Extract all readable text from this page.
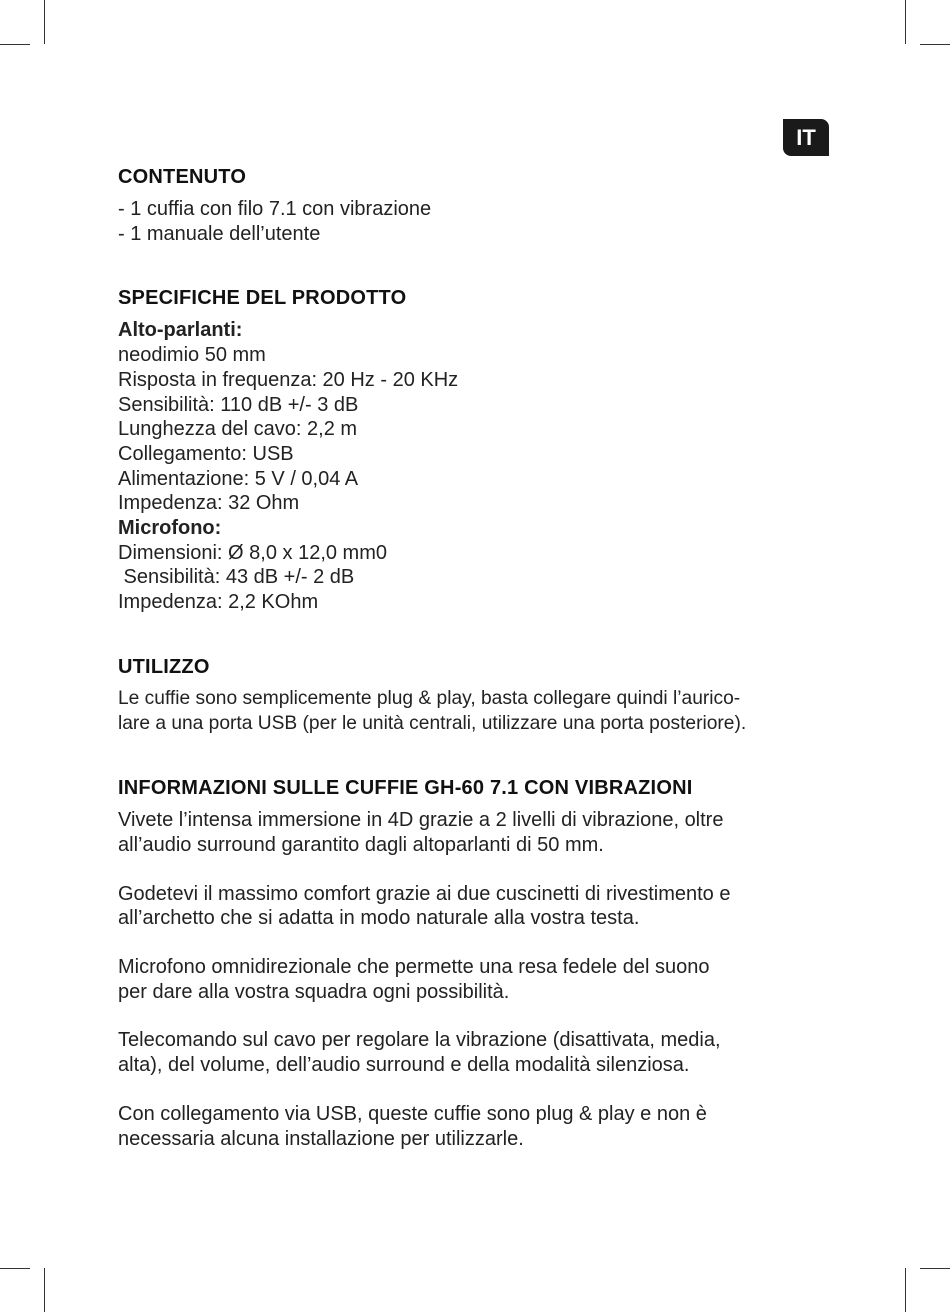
IT
CONTENUTO
- 1 cuffia con filo 7.1 con vibrazione
- 1 manuale dell’utente
SPECIFICHE DEL PRODOTTO
Alto-parlanti:
neodimio 50 mm
Risposta in frequenza: 20 Hz - 20 KHz
Sensibilità: 110 dB +/- 3 dB
Lunghezza del cavo: 2,2 m
Collegamento: USB
Alimentazione: 5 V / 0,04 A
Impedenza: 32 Ohm
Microfono:
Dimensioni: Ø 8,0 x 12,0 mm0
Sensibilità: 43 dB +/- 2 dB
Impedenza: 2,2 KOhm
UTILIZZO
Le cuffie sono semplicemente plug & play, basta collegare quindi l’aurico-
lare a una porta USB (per le unità centrali, utilizzare una porta posteriore).
INFORMAZIONI SULLE CUFFIE GH-60 7.1 CON VIBRAZIONI
Vivete l’intensa immersione in 4D grazie a 2 livelli di vibrazione, oltre
all’audio surround garantito dagli altoparlanti di 50 mm.
Godetevi il massimo comfort grazie ai due cuscinetti di rivestimento e
all’archetto che si adatta in modo naturale alla vostra testa.
Microfono omnidirezionale che permette una resa fedele del suono
per dare alla vostra squadra ogni possibilità.
Telecomando sul cavo per regolare la vibrazione (disattivata, media,
alta), del volume, dell’audio surround e della modalità silenziosa.
Con collegamento via USB, queste cuffie sono plug & play e non è
necessaria alcuna installazione per utilizzarle.
